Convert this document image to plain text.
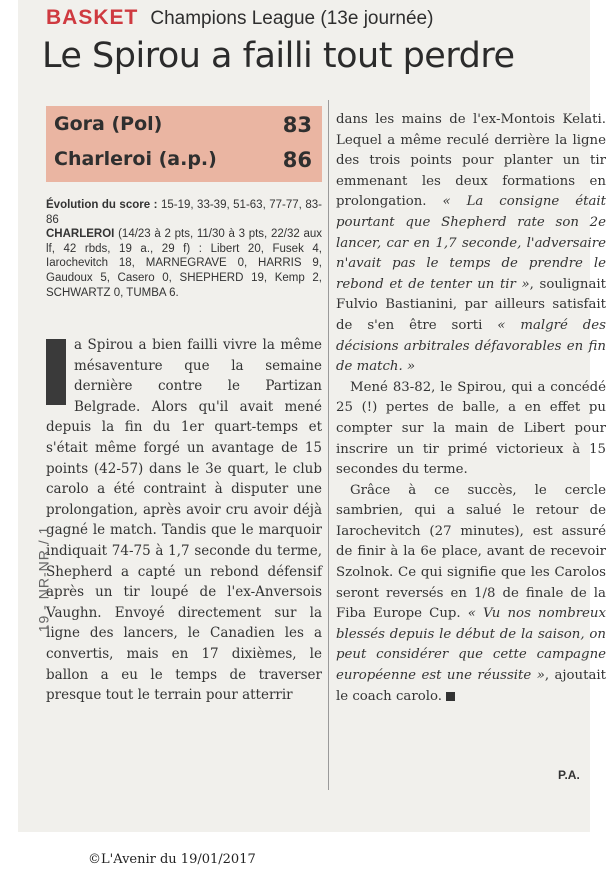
BASKET Champions League (13e journée)
Le Spirou a failli tout perdre
Gora (Pol)	83
Charleroi (a.p.)	86
Évolution du score : 15-19, 33-39, 51-63, 77-77, 83-86
CHARLEROI (14/23 à 2 pts, 11/30 à 3 pts, 22/32 aux lf, 42 rbds, 19 a., 29 f) : Libert 20, Fusek 4, Iarochevitch 18, MARNEGRAVE 0, HARRIS 9, Gaudoux 5, Casero 0, SHEPHERD 19, Kemp 2, SCHWARTZ 0, TUMBA 6.
a Spirou a bien failli vivre la même mésaventure que la semaine dernière contre le Partizan Belgrade. Alors qu'il avait mené depuis la fin du 1er quart-temps et s'était même forgé un avantage de 15 points (42-57) dans le 3e quart, le club carolo a été contraint à disputer une prolongation, après avoir cru avoir déjà gagné le match. Tandis que le marquoir indiquait 74-75 à 1,7 seconde du terme, Shepherd a capté un rebond défensif après un tir loupé de l'ex-Anversois Vaughn. Envoyé directement sur la ligne des lancers, le Canadien les a convertis, mais en 17 dixièmes, le ballon a eu le temps de traverser presque tout le terrain pour atterrir

dans les mains de l'ex-Montois Kelati. Lequel a même reculé derrière la ligne des trois points pour planter un tir emmenant les deux formations en prolongation. « La consigne était pourtant que Shepherd rate son 2e lancer, car en 1,7 seconde, l'adversaire n'avait pas le temps de prendre le rebond et de tenter un tir », soulignait Fulvio Bastianini, par ailleurs satisfait de s'en être sorti « malgré des décisions arbitrales défavorables en fin de match. »

Mené 83-82, le Spirou, qui a concédé 25 (!) pertes de balle, a en effet pu compter sur la main de Libert pour inscrire un tir primé victorieux à 15 secondes du terme.

Grâce à ce succès, le cercle sambrien, qui a salué le retour de Iarochevitch (27 minutes), est assuré de finir à la 6e place, avant de recevoir Szolnok. Ce qui signifie que les Carolos seront reversés en 1/8 de finale de la Fiba Europe Cup. « Vu nos nombreux blessés depuis le début de la saison, on peut considérer que cette campagne européenne est une réussite », ajoutait le coach carolo.

P.A.
19 - NR-NR / 1
©L'Avenir du 19/01/2017
